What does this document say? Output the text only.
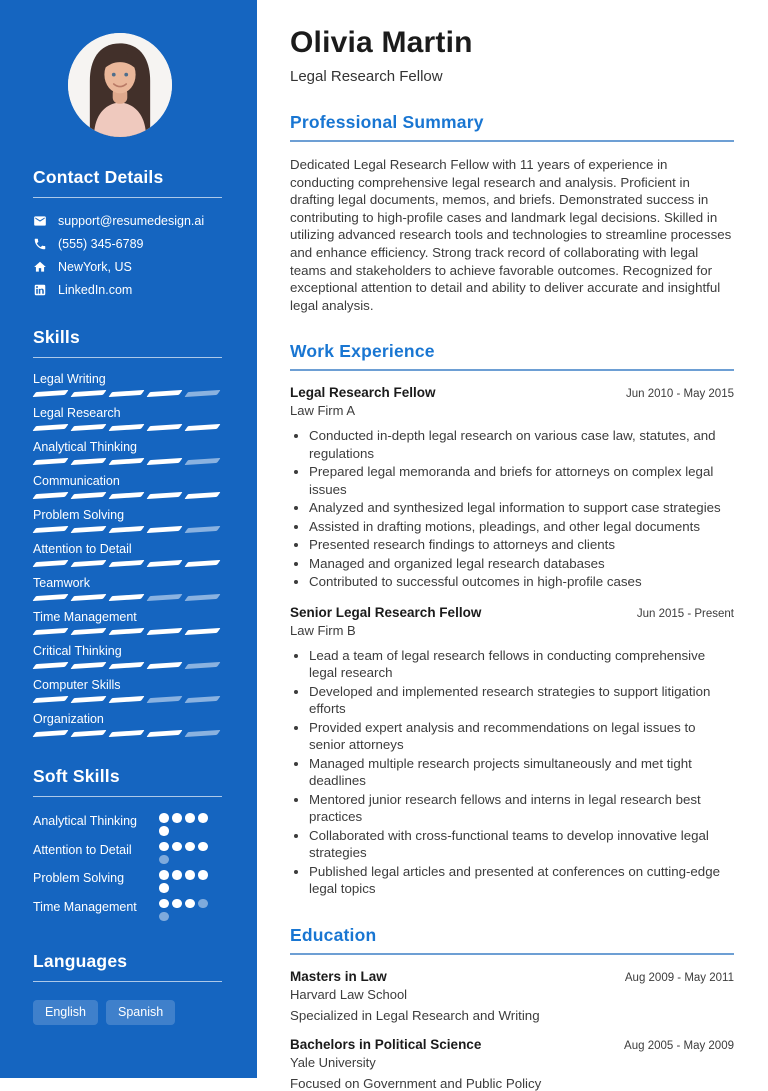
Contact Details
support@resumedesign.ai
(555) 345-6789
NewYork, US
LinkedIn.com
Skills
Legal Writing
Legal Research
Analytical Thinking
Communication
Problem Solving
Attention to Detail
Teamwork
Time Management
Critical Thinking
Computer Skills
Organization
Soft Skills
Analytical Thinking
Attention to Detail
Problem Solving
Time Management
Languages
English	Spanish
Olivia Martin
Legal Research Fellow
Professional Summary

Dedicated Legal Research Fellow with 11 years of experience in conducting comprehensive legal research and analysis. Proficient in drafting legal documents, memos, and briefs. Demonstrated success in contributing to high-profile cases and landmark legal decisions. Skilled in utilizing advanced research tools and technologies to streamline processes and enhance efficiency. Strong track record of collaborating with legal teams and stakeholders to achieve favorable outcomes. Recognized for exceptional attention to detail and ability to deliver accurate and insightful legal analysis.

Work Experience
Legal Research Fellow	Jun 2010 - May 2015
Law Firm A
• Conducted in-depth legal research on various case law, statutes, and regulations
• Prepared legal memoranda and briefs for attorneys on complex legal issues
• Analyzed and synthesized legal information to support case strategies
• Assisted in drafting motions, pleadings, and other legal documents
• Presented research findings to attorneys and clients
• Managed and organized legal research databases
• Contributed to successful outcomes in high-profile cases
Senior Legal Research Fellow	Jun 2015 - Present
Law Firm B
• Lead a team of legal research fellows in conducting comprehensive legal research
• Developed and implemented research strategies to support litigation efforts
• Provided expert analysis and recommendations on legal issues to senior attorneys
• Managed multiple research projects simultaneously and met tight deadlines
• Mentored junior research fellows and interns in legal research best practices
• Collaborated with cross-functional teams to develop innovative legal strategies
• Published legal articles and presented at conferences on cutting-edge legal topics
Education
Masters in Law	Aug 2009 - May 2011
Harvard Law School
Specialized in Legal Research and Writing
Bachelors in Political Science	Aug 2005 - May 2009
Yale University
Focused on Government and Public Policy
